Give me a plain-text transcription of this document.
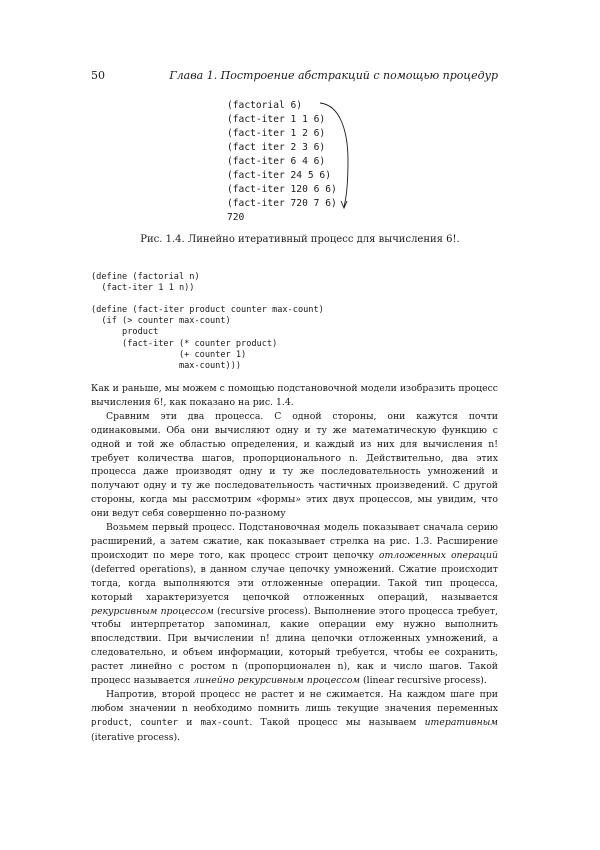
50	Глава 1. Построение абстракций с помощью процедур
(factorial 6)
(fact-iter 1 1 6)
(fact-iter 1 2 6)
(fact iter 2 3 6)
(fact-iter 6 4 6)
(fact-iter 24 5 6)
(fact-iter 120 6 6)
(fact-iter 720 7 6)
720
Рис. 1.4. Линейно итеративный процесс для вычисления 6!.
(define (factorial n)
(fact-iter 1 1 n))

(define (fact-iter product counter max-count)
(if (> counter max-count)
product
(fact-iter (* counter product)
(+ counter 1)
max-count)))

Как и раньше, мы можем с помощью подстановочной модели изобразить процесс вычисления 6!, как показано на рис. 1.4.

Сравним эти два процесса. С одной стороны, они кажутся почти одинаковыми. Оба они вычисляют одну и ту же математическую функцию с одной и той же областью определения, и каждый из них для вычисления n! требует количества шагов, пропорционального n. Действительно, два этих процесса даже производят одну и ту же последовательность умножений и получают одну и ту же последовательность частичных произведений. С другой стороны, когда мы рассмотрим «формы» этих двух процессов, мы увидим, что они ведут себя совершенно по-разному

Возьмем первый процесс. Подстановочная модель показывает сначала серию расширений, а затем сжатие, как показывает стрелка на рис. 1.3. Расширение происходит по мере того, как процесс строит цепочку отложенных операций (deferred operations), в данном случае цепочку умножений. Сжатие происходит тогда, когда выполняются эти отложенные операции. Такой тип процесса, который характеризуется цепочкой отложенных операций, называется рекурсивным процессом (recursive process). Выполнение этого процесса требует, чтобы интерпретатор запоминал, какие операции ему нужно выполнить впоследствии. При вычислении n! длина цепочки отложенных умножений, а следовательно, и объем информации, который требуется, чтобы ее сохранить, растет линейно с ростом n (пропорционален n), как и число шагов. Такой процесс называется линейно рекурсивным процессом (linear recursive process).

Напротив, второй процесс не растет и не сжимается. На каждом шаге при любом значении n необходимо помнить лишь текущие значения переменных product, counter и max-count. Такой процесс мы называем итеративным (iterative process).
